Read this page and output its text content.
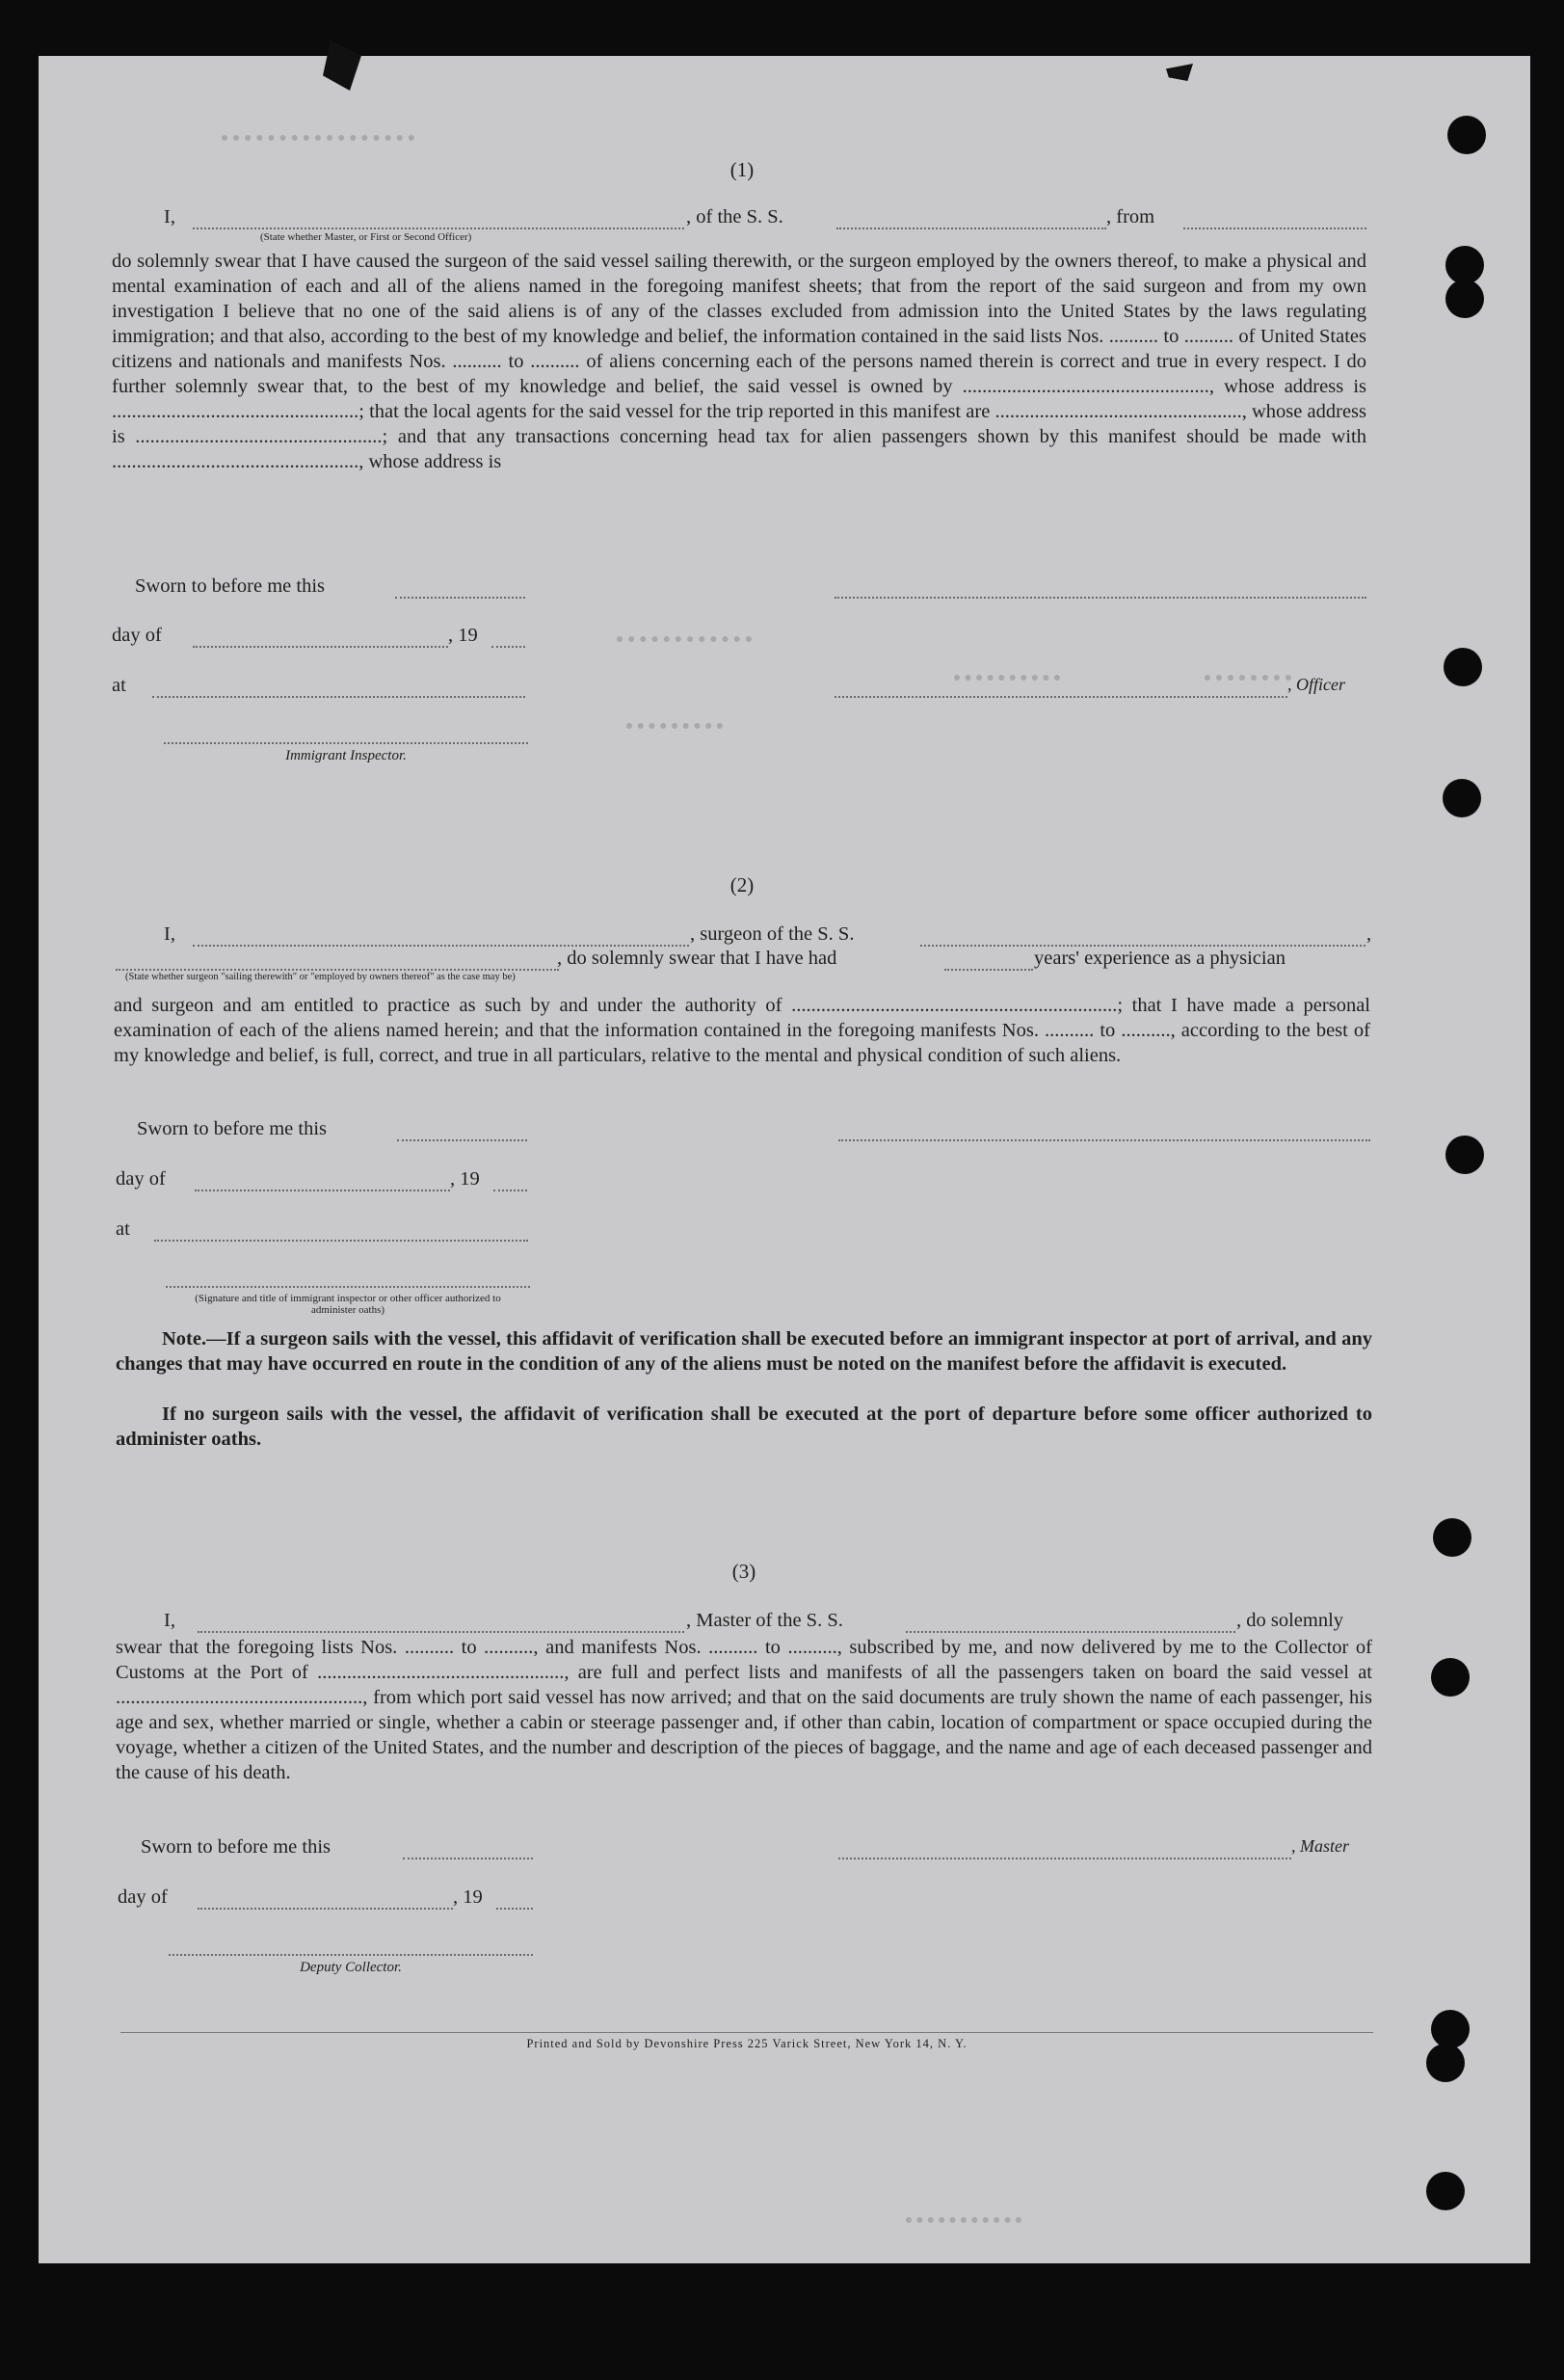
(1)
I,	, of the S. S.	, from
(State whether Master, or First or Second Officer)
do solemnly swear that I have caused the surgeon of the said vessel sailing therewith, or the surgeon employed by the owners thereof, to make a physical and mental examination of each and all of the aliens named in the foregoing manifest sheets; that from the report of the said surgeon and from my own investigation I believe that no one of the said aliens is of any of the classes excluded from admission into the United States by the laws regulating immigration; and that also, according to the best of my knowledge and belief, the information contained in the said lists Nos. .......... to .......... of United States citizens and nationals and manifests Nos. .......... to .......... of aliens concerning each of the persons named therein is correct and true in every respect. I do further solemnly swear that, to the best of my knowledge and belief, the said vessel is owned by .................................................., whose address is ..................................................; that the local agents for the said vessel for the trip reported in this manifest are .................................................., whose address is ..................................................; and that any transactions concerning head tax for alien passengers shown by this manifest should be made with .................................................., whose address is
Sworn to before me this
day of	, 19
at	, Officer
Immigrant Inspector.
(2)
I,	, surgeon of the S. S.	,
, do solemnly swear that I have had	years' experience as a physician
(State whether surgeon "sailing therewith" or "employed by owners thereof" as the case may be)
and surgeon and am entitled to practice as such by and under the authority of ..................................................................; that I have made a personal examination of each of the aliens named herein; and that the information contained in the foregoing manifests Nos. .......... to .........., according to the best of my knowledge and belief, is full, correct, and true in all particulars, relative to the mental and physical condition of such aliens.
Sworn to before me this
day of	, 19
at
(Signature and title of immigrant inspector or other officer authorized to administer oaths)
Note.—If a surgeon sails with the vessel, this affidavit of verification shall be executed before an immigrant inspector at port of arrival, and any changes that may have occurred en route in the condition of any of the aliens must be noted on the manifest before the affidavit is executed.
If no surgeon sails with the vessel, the affidavit of verification shall be executed at the port of departure before some officer authorized to administer oaths.
(3)
I,	, Master of the S. S.	, do solemnly
swear that the foregoing lists Nos. .......... to .........., and manifests Nos. .......... to .........., subscribed by me, and now delivered by me to the Collector of Customs at the Port of .................................................., are full and perfect lists and manifests of all the passengers taken on board the said vessel at .................................................., from which port said vessel has now arrived; and that on the said documents are truly shown the name of each passenger, his age and sex, whether married or single, whether a cabin or steerage passenger and, if other than cabin, location of compartment or space occupied during the voyage, whether a citizen of the United States, and the number and description of the pieces of baggage, and the name and age of each deceased passenger and the cause of his death.
Sworn to before me this	, Master
day of	, 19
Deputy Collector.
Printed and Sold by Devonshire Press 225 Varick Street, New York 14, N. Y.
